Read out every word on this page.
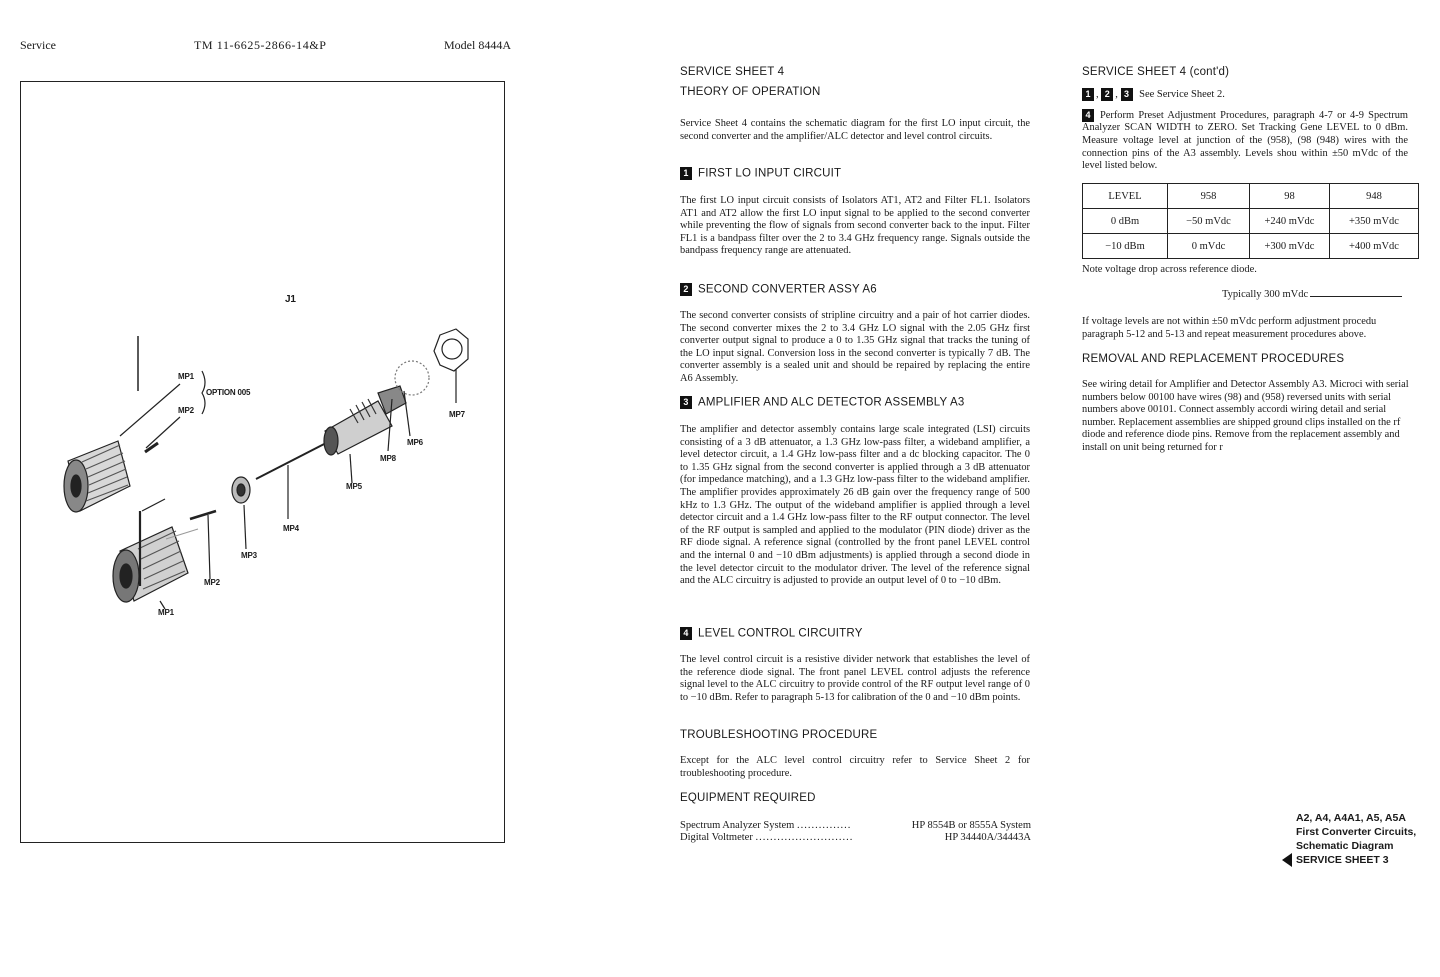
Service	TM 11-6625-2866-14&P	Model 8444A
J1
MP1
OPTION 005
MP2	MP7
MP6
MP8
MP5
MP4
MP3
MP2
MP1
SERVICE SHEET 4
THEORY OF OPERATION

Service Sheet 4 contains the schematic diagram for the first LO input circuit, the second converter and the amplifier/ALC detector and level control circuits.

1 FIRST LO INPUT CIRCUIT

The first LO input circuit consists of Isolators AT1, AT2 and Filter FL1. Isolators AT1 and AT2 allow the first LO input signal to be applied to the second converter while preventing the flow of signals from second converter back to the input. Filter FL1 is a bandpass filter over the 2 to 3.4 GHz frequency range. Signals outside the bandpass frequency range are attenuated.

2 SECOND CONVERTER ASSY A6

The second converter consists of stripline circuitry and a pair of hot carrier diodes. The second converter mixes the 2 to 3.4 GHz LO signal with the 2.05 GHz first converter output signal to produce a 0 to 1.35 GHz signal that tracks the tuning of the LO input signal. Conversion loss in the second converter is typically 7 dB. The converter assembly is a sealed unit and should be repaired by replacing the entire A6 Assembly.

3 AMPLIFIER AND ALC DETECTOR ASSEMBLY A3

The amplifier and detector assembly contains large scale integrated (LSI) circuits consisting of a 3 dB attenuator, a 1.3 GHz low-pass filter, a wideband amplifier, a level detector circuit, a 1.4 GHz low-pass filter and a dc blocking capacitor. The 0 to 1.35 GHz signal from the second converter is applied through a 3 dB attenuator (for impedance matching), and a 1.3 GHz low-pass filter to the wideband amplifier. The amplifier provides approximately 26 dB gain over the frequency range of 500 kHz to 1.3 GHz. The output of the wideband amplifier is applied through a level detector circuit and a 1.4 GHz low-pass filter to the RF output connector. The level of the RF output is sampled and applied to the modulator (PIN diode) driver as the RF diode signal. A reference signal (controlled by the front panel LEVEL control and the internal 0 and −10 dBm adjustments) is applied through a second diode in the level detector circuit to the modulator driver. The level of the reference signal and the ALC circuitry is adjusted to provide an output level of 0 to −10 dBm.

4 LEVEL CONTROL CIRCUITRY

The level control circuit is a resistive divider network that establishes the level of the reference diode signal. The front panel LEVEL control adjusts the reference signal level to the ALC circuitry to provide control of the RF output level range of 0 to −10 dBm. Refer to paragraph 5-13 for calibration of the 0 and −10 dBm points.

TROUBLESHOOTING PROCEDURE

Except for the ALC level control circuitry refer to Service Sheet 2 for troubleshooting procedure.

EQUIPMENT REQUIRED
Spectrum Analyzer System ...............	HP 8554B or 8555A System
Digital Voltmeter ...........................	HP 34440A/34443A
SERVICE SHEET 4 (cont'd)
1 , 2 , 3 See Service Sheet 2.
4 Perform Preset Adjustment Procedures, paragraph 4-7 or 4-9 Spectrum Analyzer SCAN WIDTH to ZERO. Set Tracking Gene LEVEL to 0 dBm. Measure voltage level at junction of the (958), (98 (948) wires with the connection pins of the A3 assembly. Levels shou within ±50 mVdc of the level listed below.
LEVEL	958	98	948
0 dBm	−50 mVdc	+240 mVdc	+350 mVdc
−10 dBm	0 mVdc	+300 mVdc	+400 mVdc
Note voltage drop across reference diode.
Typically 300 mVdc
If voltage levels are not within ±50 mVdc perform adjustment procedu paragraph 5-12 and 5-13 and repeat measurement procedures above.
REMOVAL AND REPLACEMENT PROCEDURES
See wiring detail for Amplifier and Detector Assembly A3. Microci with serial numbers below 00100 have wires (98) and (958) reversed units with serial numbers above 00101. Connect assembly accordi wiring detail and serial number. Replacement assemblies are shipped ground clips installed on the rf diode and reference diode pins. Remove from the replacement assembly and install on unit being returned for r
A2, A4, A4A1, A5, A5A
First Converter Circuits,
Schematic Diagram
SERVICE SHEET 3
